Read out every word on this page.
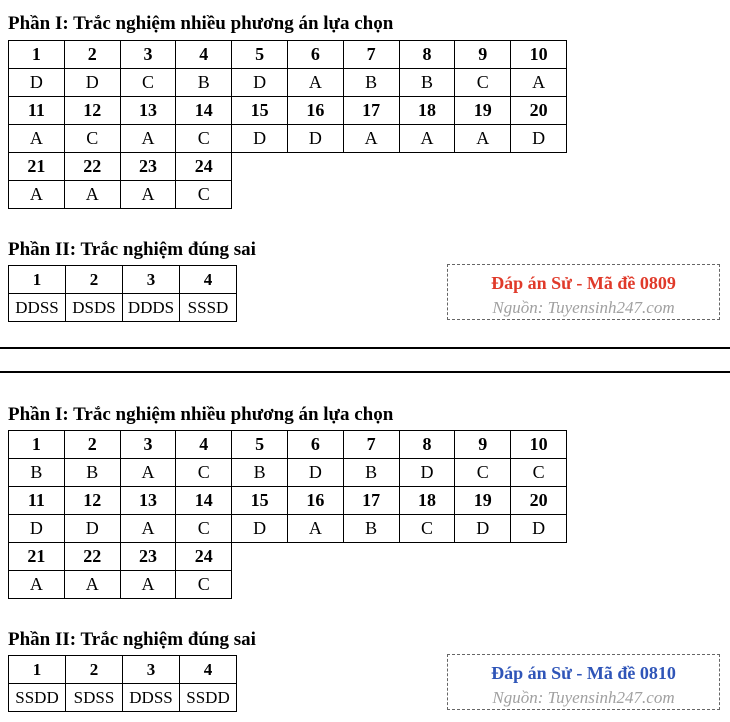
Phần I: Trắc nghiệm nhiều phương án lựa chọn
1	2	3	4	5	6	7	8	9	10
D	D	C	B	D	A	B	B	C	A
11	12	13	14	15	16	17	18	19	20
A	C	A	C	D	D	A	A	A	D
21	22	23	24						
A	A	A	C						
Phần II: Trắc nghiệm đúng sai
1	2	3	4
DDSS	DSDS	DDDS	SSSD
Đáp án Sử - Mã đề 0809
Nguồn: Tuyensinh247.com
Phần I: Trắc nghiệm nhiều phương án lựa chọn
1	2	3	4	5	6	7	8	9	10
B	B	A	C	B	D	B	D	C	C
11	12	13	14	15	16	17	18	19	20
D	D	A	C	D	A	B	C	D	D
21	22	23	24						
A	A	A	C						
Phần II: Trắc nghiệm đúng sai
1	2	3	4
SSDD	SDSS	DDSS	SSDD
Đáp án Sử - Mã đề 0810
Nguồn: Tuyensinh247.com
